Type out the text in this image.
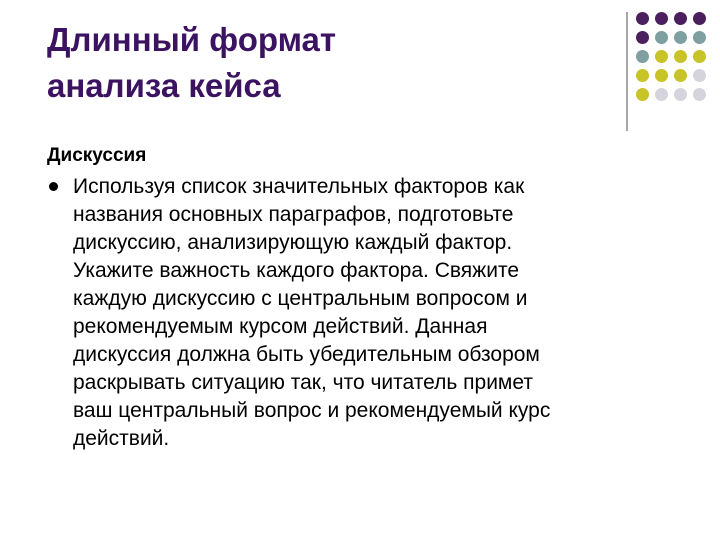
Длинный формат
анализа кейса

Дискуссия

Используя список значительных факторов как
названия основных параграфов, подготовьте
дискуссию, анализирующую каждый фактор.
Укажите важность каждого фактора. Свяжите
каждую дискуссию с центральным вопросом и
рекомендуемым курсом действий. Данная
дискуссия должна быть убедительным обзором
раскрывать ситуацию так, что читатель примет
ваш центральный вопрос и рекомендуемый курс
действий.
